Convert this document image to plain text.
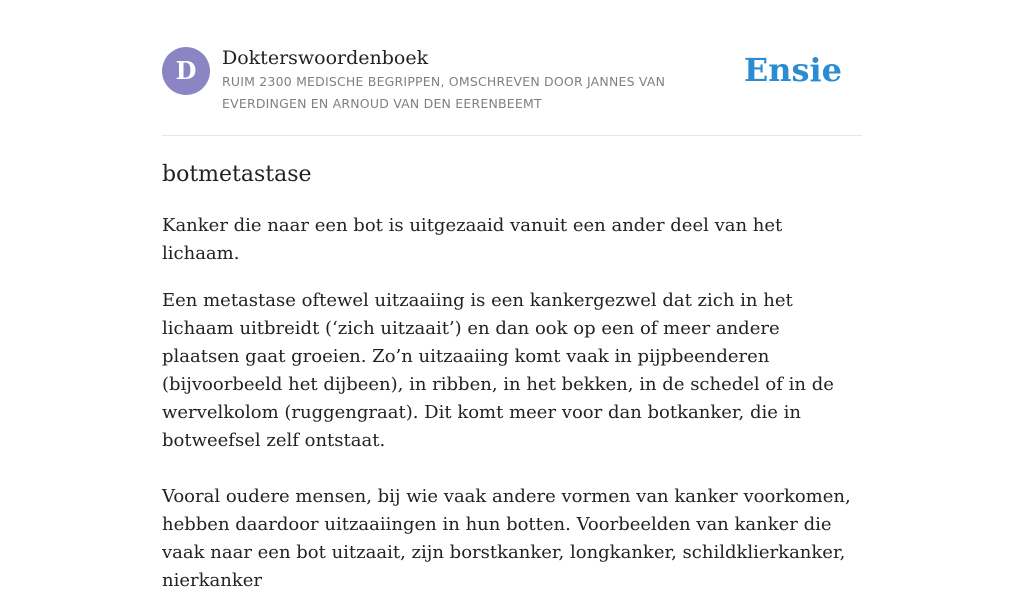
D	Dokterswoordenboek

RUIM 2300 MEDISCHE BEGRIPPEN, OMSCHREVEN DOOR JANNES VAN EVERDINGEN EN ARNOUD VAN DEN EERENBEEMT

Ensie
botmetastase

Kanker die naar een bot is uitgezaaid vanuit een ander deel van het lichaam.

Een metastase oftewel uitzaaiing is een kankergezwel dat zich in het lichaam uitbreidt (‘zich uitzaait’) en dan ook op een of meer andere plaatsen gaat groeien. Zo’n uitzaaiing komt vaak in pijpbeenderen (bijvoorbeeld het dijbeen), in ribben, in het bekken, in de schedel of in de wervelkolom (ruggengraat). Dit komt meer voor dan botkanker, die in botweefsel zelf ontstaat.

Vooral oudere mensen, bij wie vaak andere vormen van kanker voorkomen, hebben daardoor uitzaaiingen in hun botten. Voorbeelden van kanker die vaak naar een bot uitzaait, zijn borstkanker, longkanker, schildklierkanker, nierkanker
